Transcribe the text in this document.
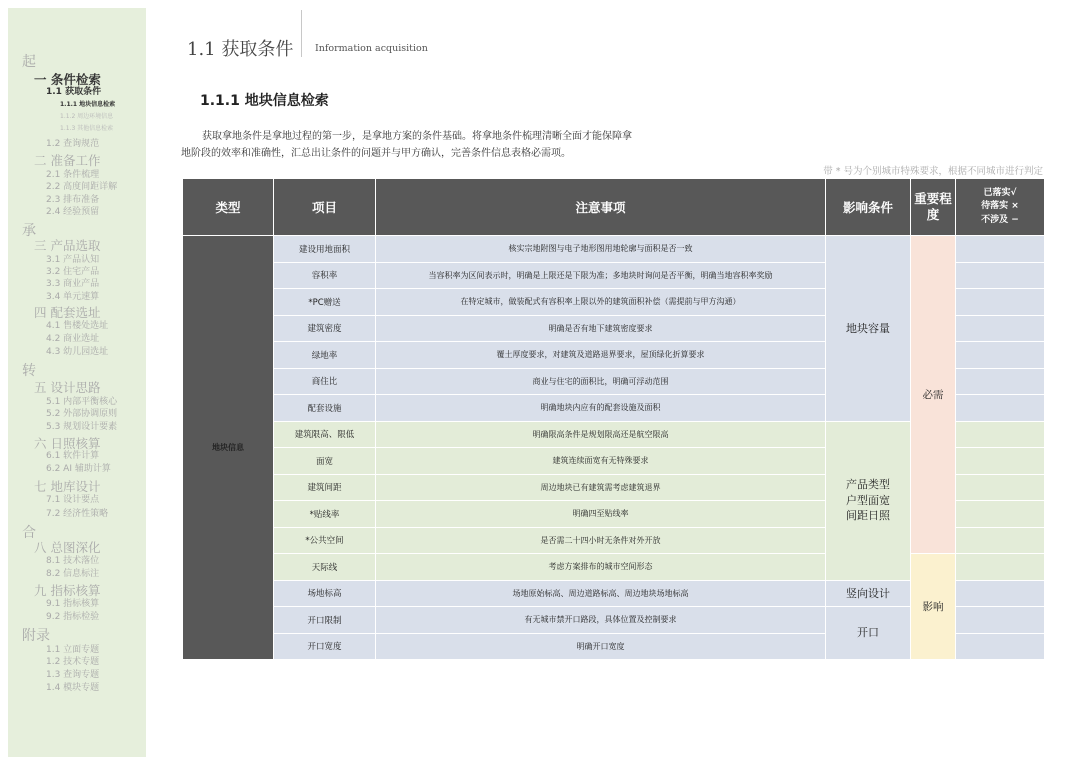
起
一 条件检索
1.1 获取条件
1.1.1 地块信息检索
1.1.2 周边环境信息
1.1.3 其他信息检索
1.2 查询规范
二 准备工作
2.1 条件梳理
2.2 高度间距详解
2.3 排布准备
2.4 经验预留
承
三 产品选取
3.1 产品认知
3.2 住宅产品
3.3 商业产品
3.4 单元速算
四 配套选址
4.1 售楼处选址
4.2 商业选址
4.3 幼儿园选址
转
五 设计思路
5.1 内部平衡核心
5.2 外部协调原则
5.3 规划设计要素
六 日照核算
6.1 软件计算
6.2 AI 辅助计算
七 地库设计
7.1 设计要点
7.2 经济性策略
合
八 总图深化
8.1 技术落位
8.2 信息标注
九 指标核算
9.1 指标核算
9.2 指标检验
附录
1.1 立面专题
1.2 技术专题
1.3 查询专题
1.4 模块专题
1.1 获取条件 Information acquisition
1.1.1 地块信息检索
获取拿地条件是拿地过程的第一步，是拿地方案的条件基础。将拿地条件梳理清晰全面才能保障拿
地阶段的效率和准确性，汇总出让条件的问题并与甲方确认，完善条件信息表格必需项。
带 * 号为个别城市特殊要求，根据不同城市进行判定
类型	项目	注意事项	影响条件	重要程度	已落实√
待落实 ×
不涉及 −

地块信息	建设用地面积	核实宗地附图与电子地形图用地轮廓与面积是否一致	地块容量	必需	
	容积率	当容积率为区间表示时，明确是上限还是下限为准；多地块时询问是否平衡，明确当地容积率奖励			
	*PC赠送	在特定城市，做装配式有容积率上限以外的建筑面积补偿（需提前与甲方沟通）			
	建筑密度	明确是否有地下建筑密度要求			
	绿地率	覆土厚度要求，对建筑及道路退界要求，屋顶绿化折算要求			
	商住比	商业与住宅的面积比，明确可浮动范围			
	配套设施	明确地块内应有的配套设施及面积			
	建筑限高、限低	明确限高条件是规划限高还是航空限高	产品类型
户型面宽
间距日照		
	面宽	建筑连续面宽有无特殊要求			
	建筑间距	周边地块已有建筑需考虑建筑退界			
	*贴线率	明确四至贴线率			
	*公共空间	是否需二十四小时无条件对外开放			
	天际线	考虑方案排布的城市空间形态		影响	
	场地标高	场地原始标高、周边道路标高、周边地块场地标高	竖向设计		
	开口限制	有无城市禁开口路段，具体位置及控制要求	开口		
	开口宽度	明确开口宽度			
